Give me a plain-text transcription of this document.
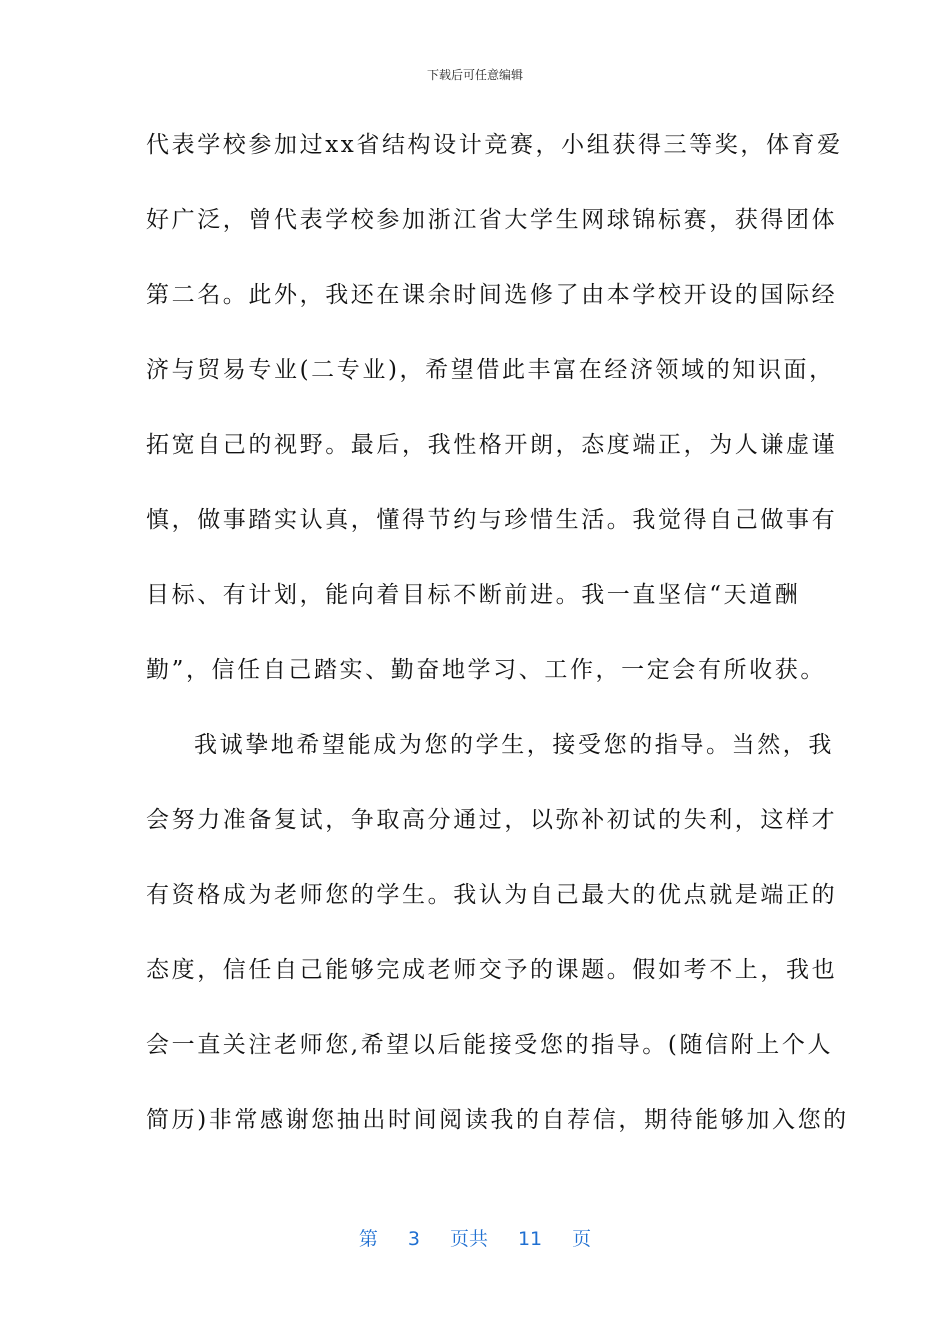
下载后可任意编辑
代表学校参加过xx省结构设计竞赛，小组获得三等奖，体育爱
好广泛，曾代表学校参加浙江省大学生网球锦标赛，获得团体
第二名。此外，我还在课余时间选修了由本学校开设的国际经
济与贸易专业(二专业)，希望借此丰富在经济领域的知识面，
拓宽自己的视野。最后，我性格开朗，态度端正，为人谦虚谨
慎，做事踏实认真，懂得节约与珍惜生活。我觉得自己做事有
目标、有计划，能向着目标不断前进。我一直坚信“天道酬
勤”，信任自己踏实、勤奋地学习、工作，一定会有所收获。
我诚挚地希望能成为您的学生，接受您的指导。当然，我
会努力准备复试，争取高分通过，以弥补初试的失利，这样才
有资格成为老师您的学生。我认为自己最大的优点就是端正的
态度，信任自己能够完成老师交予的课题。假如考不上，我也
会一直关注老师您,希望以后能接受您的指导。(随信附上个人
简历)非常感谢您抽出时间阅读我的自荐信，期待能够加入您的
第 3 页共 11 页
